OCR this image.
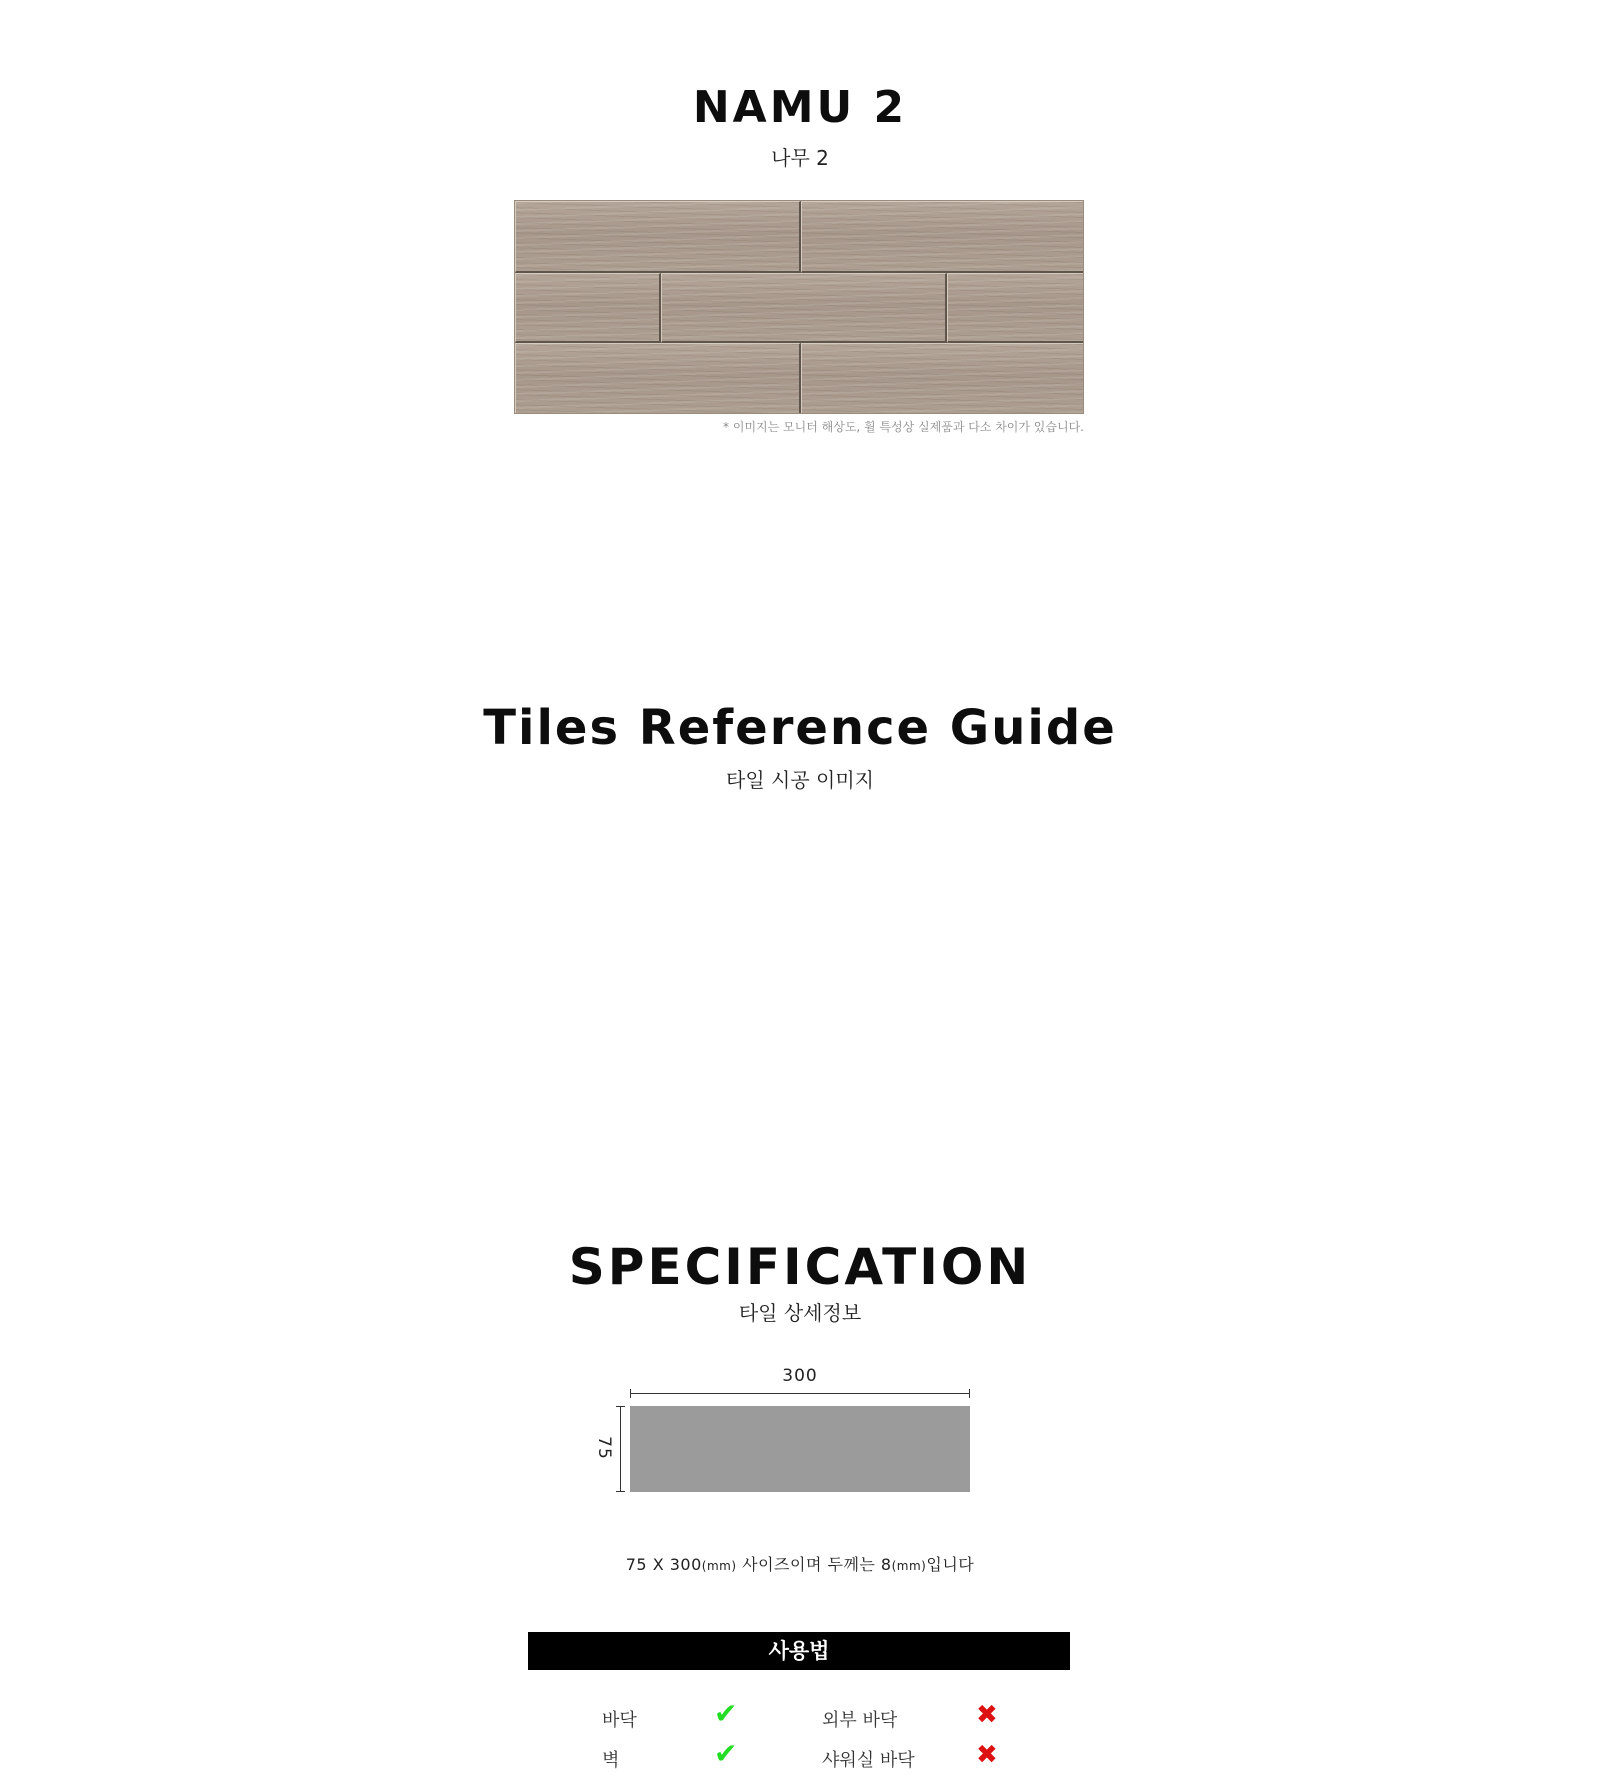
NAMU 2

나무 2

* 이미지는 모니터 해상도, 휠 특성상 실제품과 다소 차이가 있습니다.
Tiles Reference Guide

타일 시공 이미지

SPECIFICATION

타일 상세정보

300
75
75 X 300(mm) 사이즈이며 두께는 8(mm)입니다
사용법
바닥	✔	외부 바닥	✖
벽	✔	샤워실 바닥 ✖
